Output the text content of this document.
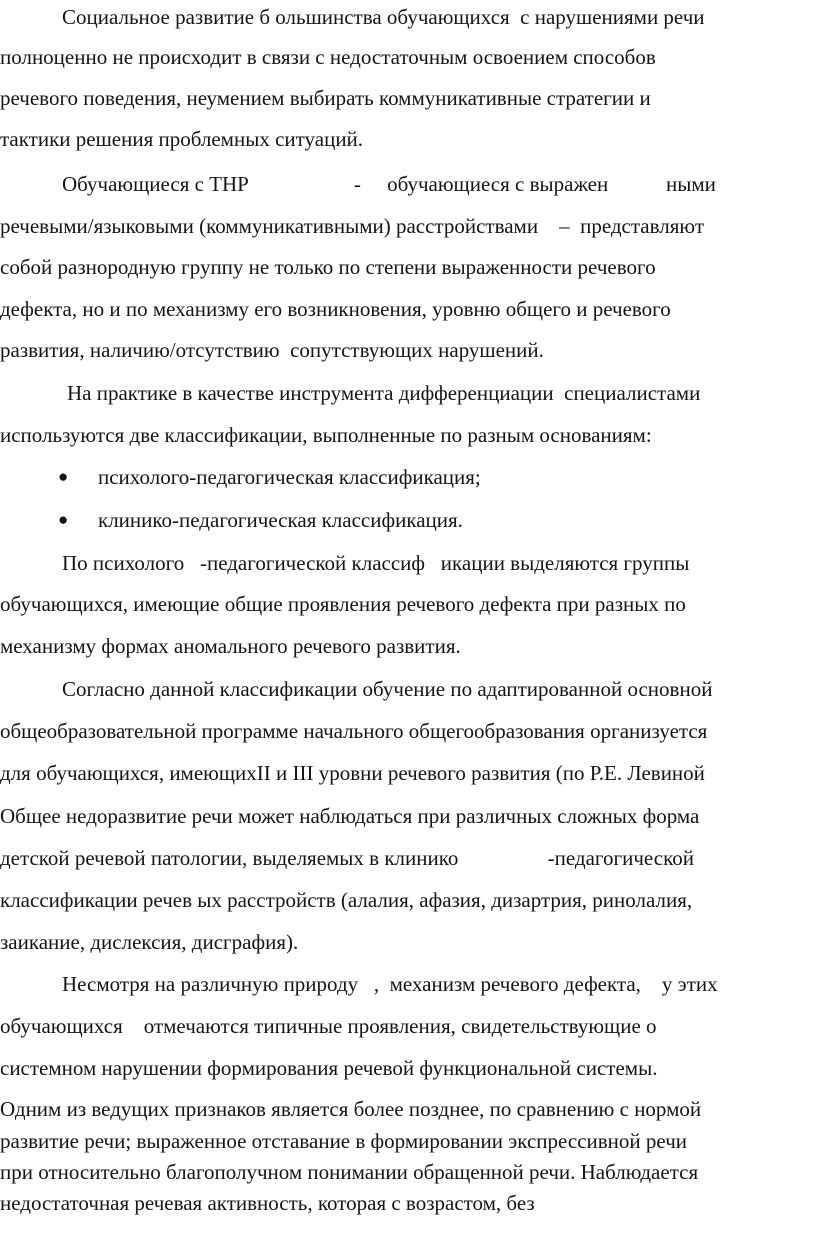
Социальное развитие б ольшинства обучающихся  с нарушениями речи
полноценно не происходит в связи с недостаточным освоением способов
речевого поведения, неумением выбирать коммуникативные стратегии и
тактики решения проблемных ситуаций.
Обучающиеся с ТНР                    -     обучающиеся с выражен           ными
речевыми/языковыми (коммуникативными) расстройствами    –  представляют
собой разнородную группу не только по степени выраженности речевого
дефекта, но и по механизму его возникновения, уровню общего и речевого
развития, наличию/отсутствию  сопутствующих нарушений.
На практике в качестве инструмента дифференциации  специалистами
используются две классификации, выполненные по разным основаниям:
● психолого-педагогическая классификация;
● клинико-педагогическая классификация.
По психолого   -педагогической классиф   икации выделяются группы
обучающихся, имеющие общие проявления речевого дефекта при разных по
механизму формах аномального речевого развития.
Согласно данной классификации обучение по адаптированной основной
общеобразовательной программе начального общегообразования организуется
для обучающихся, имеющихII и III уровни речевого развития (по Р.Е. Левиной
Общее недоразвитие речи может наблюдаться при различных сложных форма
детской речевой патологии, выделяемых в клинико                 -педагогической
классификации речев ых расстройств (алалия, афазия, дизартрия, ринолалия,
заикание, дислексия, дисграфия).
Несмотря на различную природу   ,  механизм речевого дефекта,    у этих
обучающихся    отмечаются типичные проявления, свидетельствующие о
системном нарушении формирования речевой функциональной системы.
Одним из ведущих признаков является более позднее, по сравнению с нормой
развитие речи; выраженное отставание в формировании экспрессивной речи
при относительно благополучном понимании обращенной речи. Наблюдается
недостаточная речевая активность, которая с возрастом, без
